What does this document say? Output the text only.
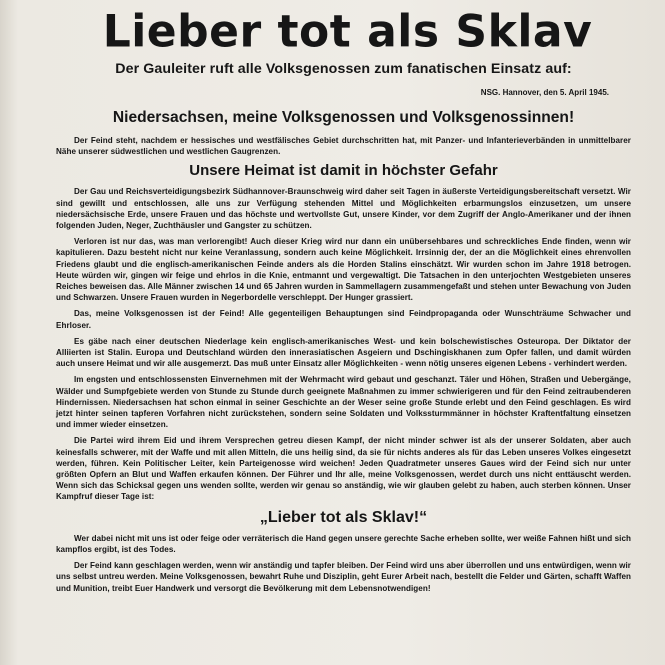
Lieber tot als Sklav
Der Gauleiter ruft alle Volksgenossen zum fanatischen Einsatz auf:
NSG. Hannover, den 5. April 1945.
Niedersachsen, meine Volksgenossen und Volksgenossinnen!

Der Feind steht, nachdem er hessisches und westfälisches Gebiet durchschritten hat, mit Panzer- und Infanterieverbänden in unmittelbarer Nähe unserer südwestlichen und westlichen Gaugrenzen.

Unsere Heimat ist damit in höchster Gefahr

Der Gau und Reichsverteidigungsbezirk Südhannover-Braunschweig wird daher seit Tagen in äußerste Verteidigungsbereitschaft versetzt. Wir sind gewillt und entschlossen, alle uns zur Verfügung stehenden Mittel und Möglichkeiten erbarmungslos einzusetzen, um unsere niedersächsische Erde, unsere Frauen und das höchste und wertvollste Gut, unsere Kinder, vor dem Zugriff der Anglo-Amerikaner und der ihnen folgenden Juden, Neger, Zuchthäusler und Gangster zu schützen.

Verloren ist nur das, was man verlorengibt! Auch dieser Krieg wird nur dann ein unübersehbares und schreckliches Ende finden, wenn wir kapitulieren. Dazu besteht nicht nur keine Veranlassung, sondern auch keine Möglichkeit. Irrsinnig der, der an die Möglichkeit eines ehrenvollen Friedens glaubt und die englisch-amerikanischen Feinde anders als die Horden Stalins einschätzt. Wir wurden schon im Jahre 1918 betrogen. Heute würden wir, gingen wir feige und ehrlos in die Knie, entmannt und vergewaltigt. Die Tatsachen in den unterjochten Westgebieten unseres Reiches beweisen das. Alle Männer zwischen 14 und 65 Jahren wurden in Sammellagern zusammengefaßt und stehen unter Bewachung von Juden und Schwarzen. Unsere Frauen wurden in Negerbordelle verschleppt. Der Hunger grassiert.

Das, meine Volksgenossen ist der Feind! Alle gegenteiligen Behauptungen sind Feindpropaganda oder Wunschträume Schwacher und Ehrloser.

Es gäbe nach einer deutschen Niederlage kein englisch-amerikanisches West- und kein bolschewistisches Osteuropa. Der Diktator der Alliierten ist Stalin. Europa und Deutschland würden den innerasiatischen Asgeiern und Dschingiskhanen zum Opfer fallen, und damit würden auch unsere Heimat und wir alle ausgemerzt. Das muß unter Einsatz aller Möglichkeiten - wenn nötig unseres eigenen Lebens - verhindert werden.

Im engsten und entschlossensten Einvernehmen mit der Wehrmacht wird gebaut und geschanzt. Täler und Höhen, Straßen und Uebergänge, Wälder und Sumpfgebiete werden von Stunde zu Stunde durch geeignete Maßnahmen zu immer schwierigeren und für den Feind zeitraubenderen Hindernissen. Niedersachsen hat schon einmal in seiner Geschichte an der Weser seine große Stunde erlebt und den Feind geschlagen. Es wird jetzt hinter seinen tapferen Vorfahren nicht zurückstehen, sondern seine Soldaten und Volkssturmmänner in höchster Kraftentfaltung einsetzen und immer wieder einsetzen.

Die Partei wird ihrem Eid und ihrem Versprechen getreu diesen Kampf, der nicht minder schwer ist als der unserer Soldaten, aber auch keinesfalls schwerer, mit der Waffe und mit allen Mitteln, die uns heilig sind, da sie für nichts anderes als für das Leben unseres Volkes eingesetzt werden, führen. Kein Politischer Leiter, kein Parteigenosse wird weichen! Jeden Quadratmeter unseres Gaues wird der Feind sich nur unter größten Opfern an Blut und Waffen erkaufen können. Der Führer und Ihr alle, meine Volksgenossen, werdet durch uns nicht enttäuscht werden. Wenn sich das Schicksal gegen uns wenden sollte, werden wir genau so anständig, wie wir glauben gelebt zu haben, auch sterben können. Unser Kampfruf dieser Tage ist:

„Lieber tot als Sklav!“

Wer dabei nicht mit uns ist oder feige oder verräterisch die Hand gegen unsere gerechte Sache erheben sollte, wer weiße Fahnen hißt und sich kampflos ergibt, ist des Todes.

Der Feind kann geschlagen werden, wenn wir anständig und tapfer bleiben. Der Feind wird uns aber überrollen und uns entwürdigen, wenn wir uns selbst untreu werden. Meine Volksgenossen, bewahrt Ruhe und Disziplin, geht Eurer Arbeit nach, bestellt die Felder und Gärten, schafft Waffen und Munition, treibt Euer Handwerk und versorgt die Bevölkerung mit dem Lebensnotwendigen!
